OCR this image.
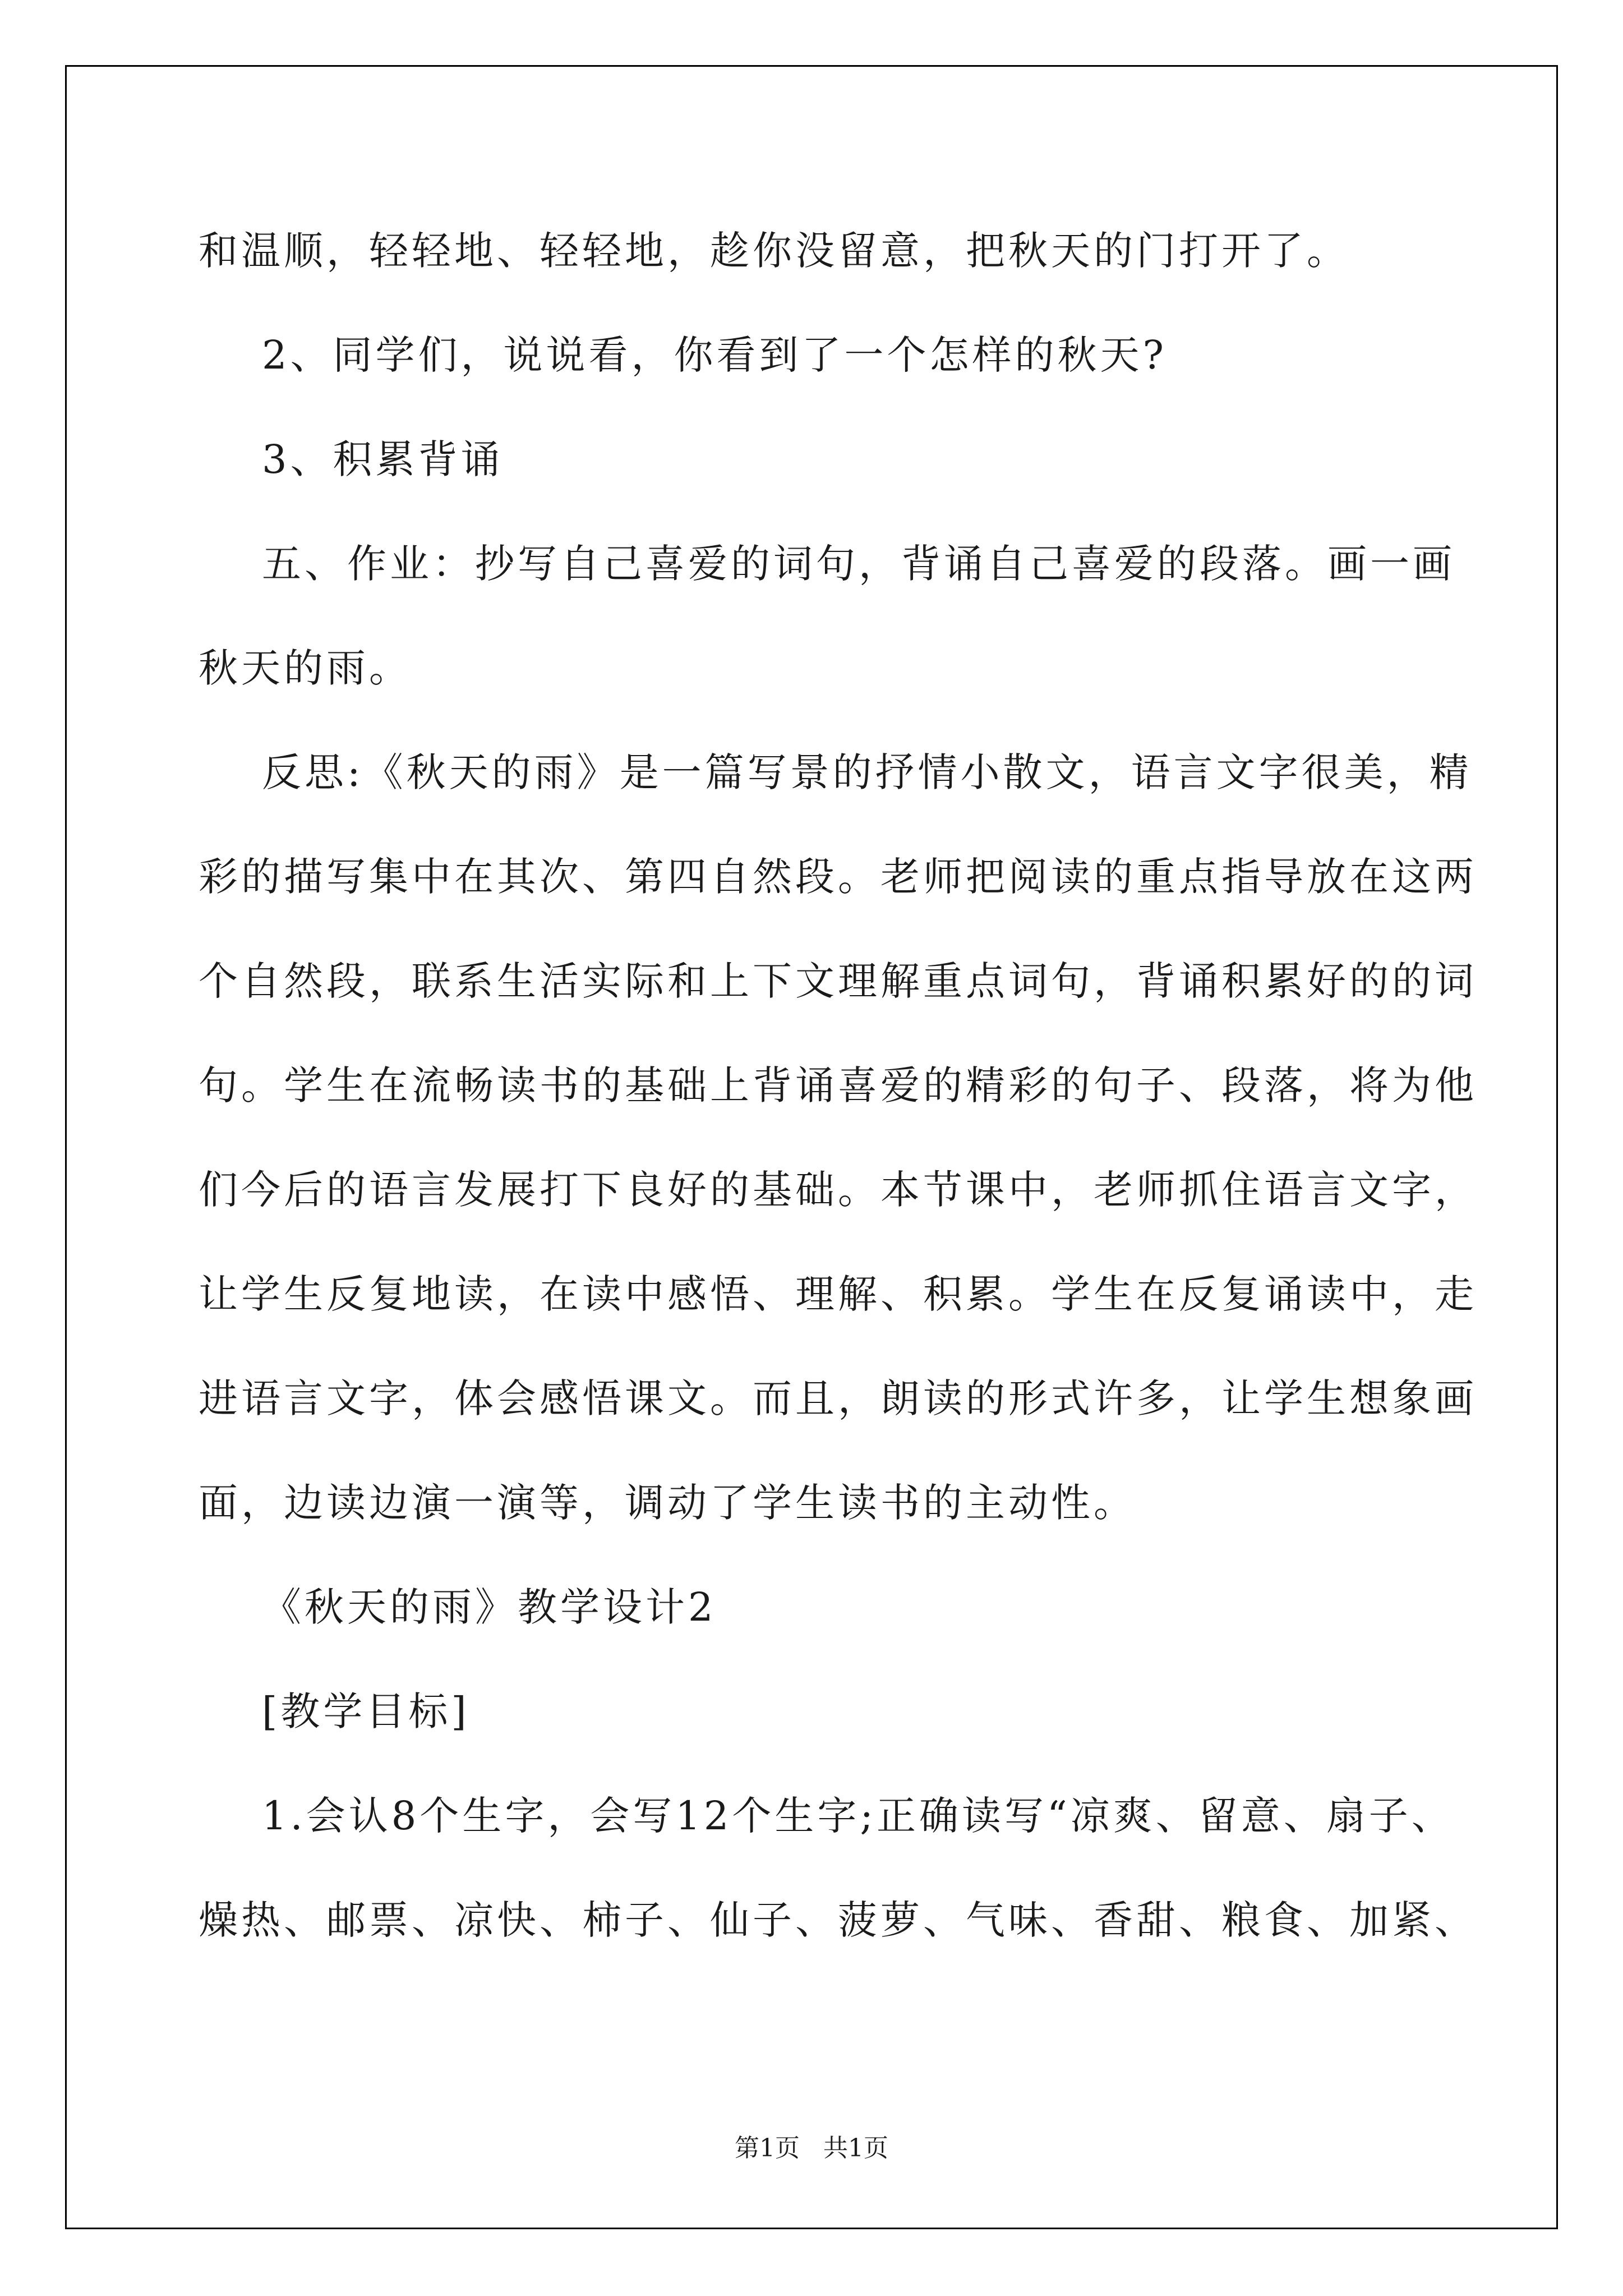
和温顺，轻轻地、轻轻地，趁你没留意，把秋天的门打开了。
2、同学们，说说看，你看到了一个怎样的秋天?
3、积累背诵
五、作业：抄写自己喜爱的词句，背诵自己喜爱的段落。画一画
秋天的雨。
反思:《秋天的雨》是一篇写景的抒情小散文，语言文字很美，精
彩的描写集中在其次、第四自然段。老师把阅读的重点指导放在这两
个自然段，联系生活实际和上下文理解重点词句，背诵积累好的的词
句。学生在流畅读书的基础上背诵喜爱的精彩的句子、段落，将为他
们今后的语言发展打下良好的基础。本节课中，老师抓住语言文字，
让学生反复地读，在读中感悟、理解、积累。学生在反复诵读中，走
进语言文字，体会感悟课文。而且，朗读的形式许多，让学生想象画
面，边读边演一演等，调动了学生读书的主动性。
《秋天的雨》教学设计2
[教学目标]
1.会认8个生字，会写12个生字;正确读写“凉爽、留意、扇子、
燥热、邮票、凉快、柿子、仙子、菠萝、气味、香甜、粮食、加紧、
第1页   共1页
